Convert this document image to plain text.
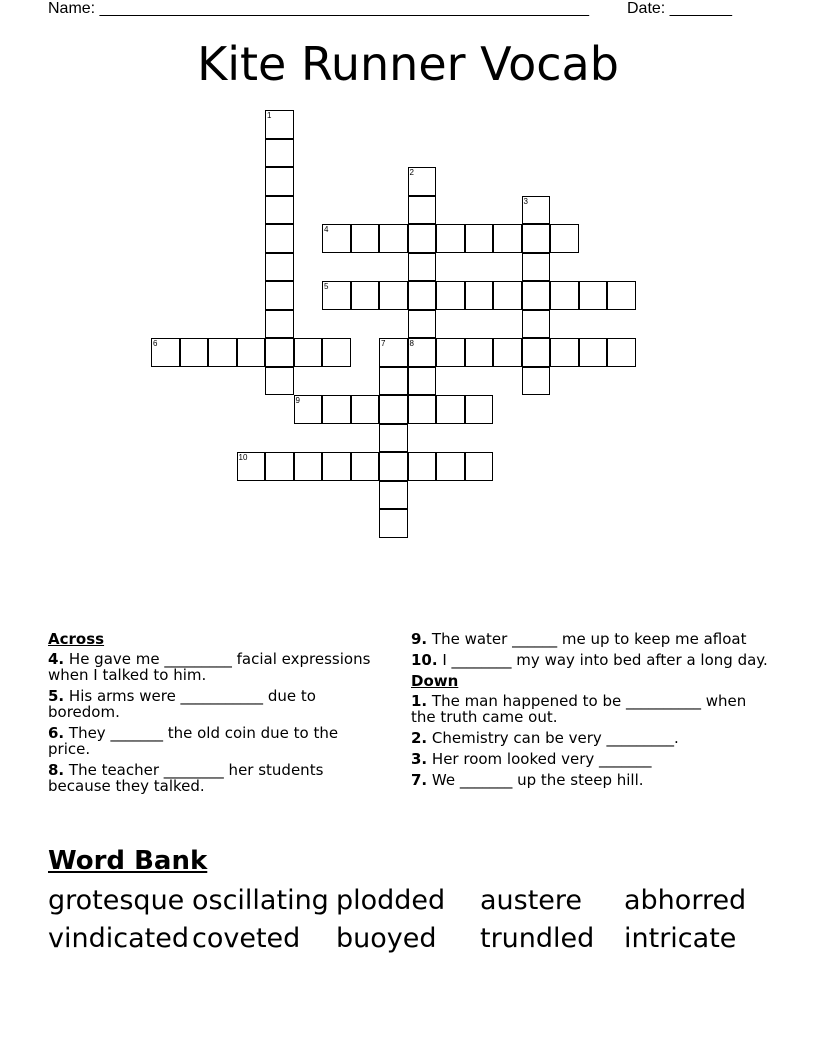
Name: _______________________________________________________ Date: _______
Kite Runner Vocab
1
2
3
4
5
6	7	8
9
10
Across
4. He gave me _________ facial expressions when I talked to him.
5. His arms were ___________ due to boredom.
6. They _______ the old coin due to the price.
8. The teacher ________ her students because they talked.
9. The water ______ me up to keep me afloat
10. I ________ my way into bed after a long day.
Down
1. The man happened to be __________ when the truth came out.
2. Chemistry can be very _________.
3. Her room looked very _______
7. We _______ up the steep hill.
Word Bank
grotesque oscillating plodded austere abhorred
vindicated coveted buoyed trundled intricate
